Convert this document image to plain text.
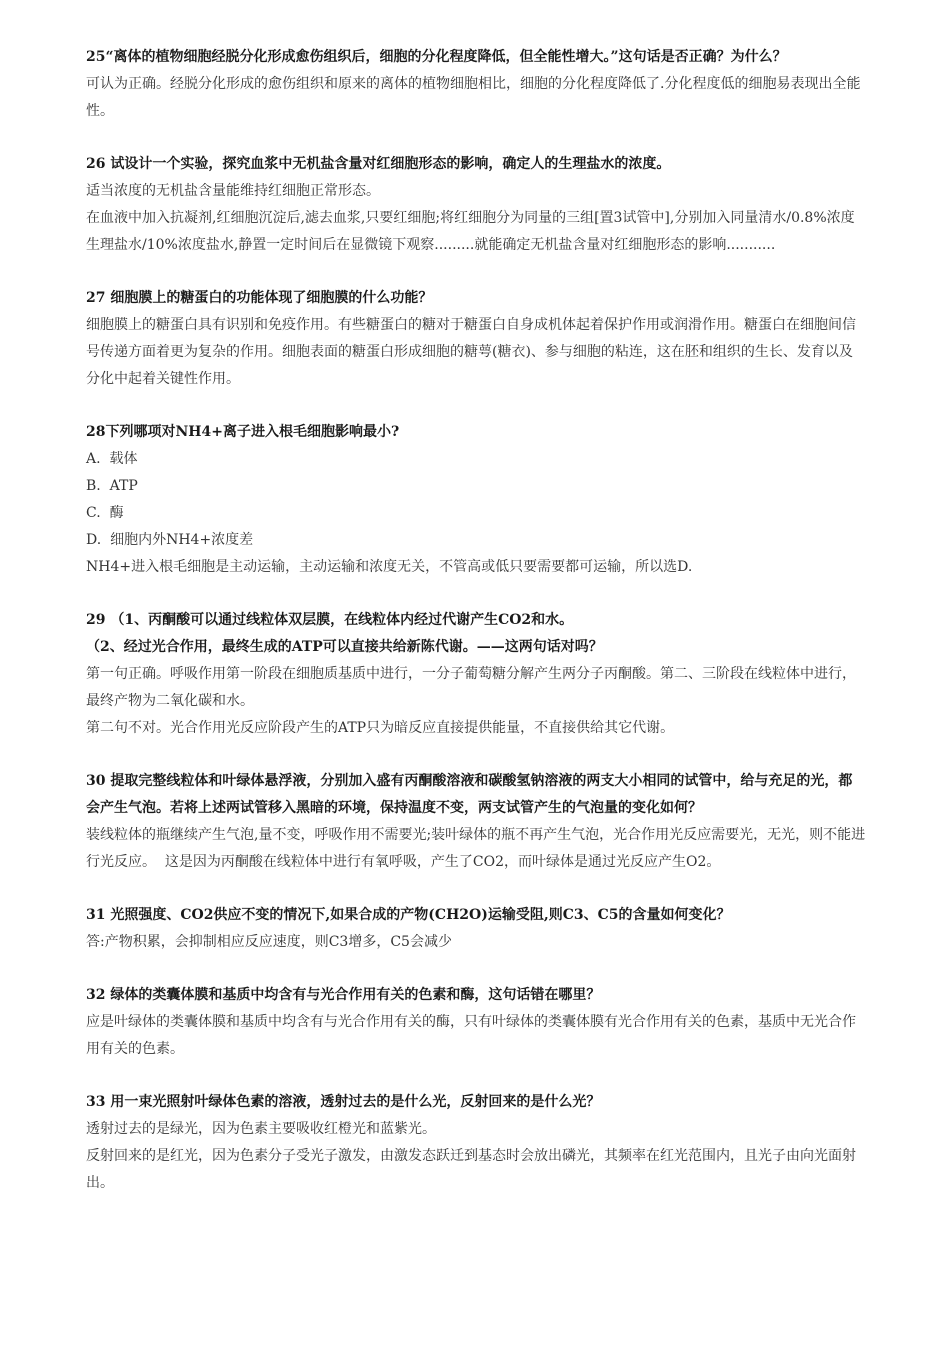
25“离体的植物细胞经脱分化形成愈伤组织后，细胞的分化程度降低，但全能性增大。”这句话是否正确？为什么？

可认为正确。经脱分化形成的愈伤组织和原来的离体的植物细胞相比，细胞的分化程度降低了.分化程度低的细胞易表现出全能性。

26 试设计一个实验，探究血浆中无机盐含量对红细胞形态的影响，确定人的生理盐水的浓度。

适当浓度的无机盐含量能维持红细胞正常形态。

在血液中加入抗凝剂,红细胞沉淀后,滤去血浆,只要红细胞;将红细胞分为同量的三组[置3试管中],分别加入同量清水/0.8%浓度生理盐水/10%浓度盐水,静置一定时间后在显微镜下观察.........就能确定无机盐含量对红细胞形态的影响...........

27 细胞膜上的糖蛋白的功能体现了细胞膜的什么功能？

细胞膜上的糖蛋白具有识别和免疫作用。有些糖蛋白的糖对于糖蛋白自身成机体起着保护作用或润滑作用。糖蛋白在细胞间信号传递方面着更为复杂的作用。细胞表面的糖蛋白形成细胞的糖萼(糖衣)、参与细胞的粘连，这在胚和组织的生长、发育以及分化中起着关键性作用。

28下列哪项对NH4+离子进入根毛细胞影响最小?

A.  载体

B.  ATP

C.  酶

D.  细胞内外NH4+浓度差

NH4+进入根毛细胞是主动运输，主动运输和浓度无关，不管高或低只要需要都可运输，所以选D.

29 （1、丙酮酸可以通过线粒体双层膜，在线粒体内经过代谢产生CO2和水。

（2、经过光合作用，最终生成的ATP可以直接共给新陈代谢。——这两句话对吗？

第一句正确。呼吸作用第一阶段在细胞质基质中进行，一分子葡萄糖分解产生两分子丙酮酸。第二、三阶段在线粒体中进行，最终产物为二氧化碳和水。

第二句不对。光合作用光反应阶段产生的ATP只为暗反应直接提供能量，不直接供给其它代谢。

30 提取完整线粒体和叶绿体悬浮液，分别加入盛有丙酮酸溶液和碳酸氢钠溶液的两支大小相同的试管中，给与充足的光，都会产生气泡。若将上述两试管移入黑暗的环境，保持温度不变，两支试管产生的气泡量的变化如何？

装线粒体的瓶继续产生气泡,量不变，呼吸作用不需要光;装叶绿体的瓶不再产生气泡，光合作用光反应需要光，无光，则不能进行光反应。  这是因为丙酮酸在线粒体中进行有氧呼吸，产生了CO2，而叶绿体是通过光反应产生O2。

31 光照强度、CO2供应不变的情况下,如果合成的产物(CH2O)运输受阻,则C3、C5的含量如何变化？

答:产物积累，会抑制相应反应速度，则C3增多，C5会减少

32 绿体的类囊体膜和基质中均含有与光合作用有关的色素和酶，这句话错在哪里？

应是叶绿体的类囊体膜和基质中均含有与光合作用有关的酶，只有叶绿体的类囊体膜有光合作用有关的色素，基质中无光合作用有关的色素。

33 用一束光照射叶绿体色素的溶液，透射过去的是什么光，反射回来的是什么光？

透射过去的是绿光，因为色素主要吸收红橙光和蓝紫光。

反射回来的是红光，因为色素分子受光子激发，由激发态跃迁到基态时会放出磷光，其频率在红光范围内，且光子由向光面射出。
